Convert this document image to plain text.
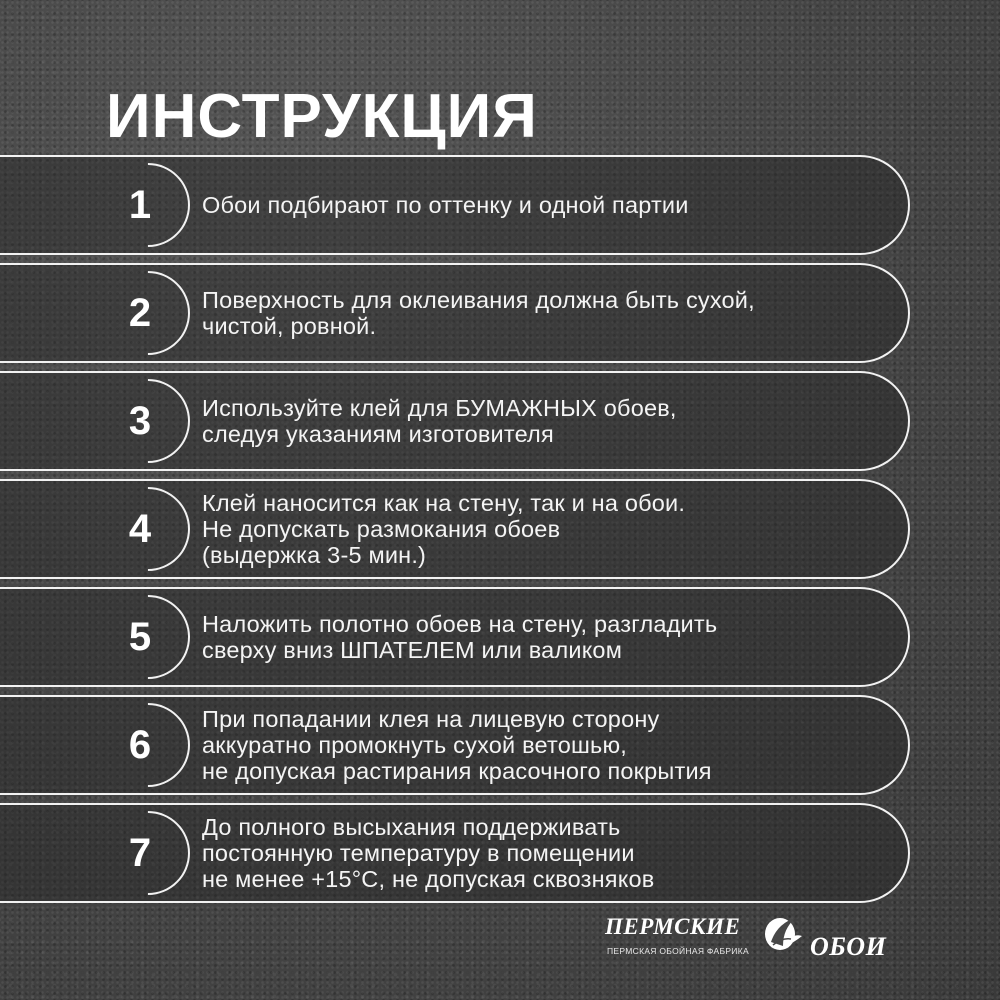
ИНСТРУКЦИЯ
1	Обои подбирают по оттенку и одной партии
2	Поверхность для оклеивания должна быть сухой,
чистой, ровной.
3	Используйте клей для БУМАЖНЫХ обоев,
следуя указаниям изготовителя
4
Клей наносится как на стену, так и на обои.
Не допускать размокания обоев
(выдержка 3-5 мин.)
5	Наложить полотно обоев на стену, разгладить
сверху вниз ШПАТЕЛЕМ или валиком
6
При попадании клея на лицевую сторону
аккуратно промокнуть сухой ветошью,
не допуская растирания красочного покрытия
7
До полного высыхания поддерживать
постоянную температуру в помещении
не менее +15°С, не допуская сквозняков
ПЕРМСКИЕ
ПЕРМСКАЯ ОБОЙНАЯ ФАБРИКА ОБОИ
